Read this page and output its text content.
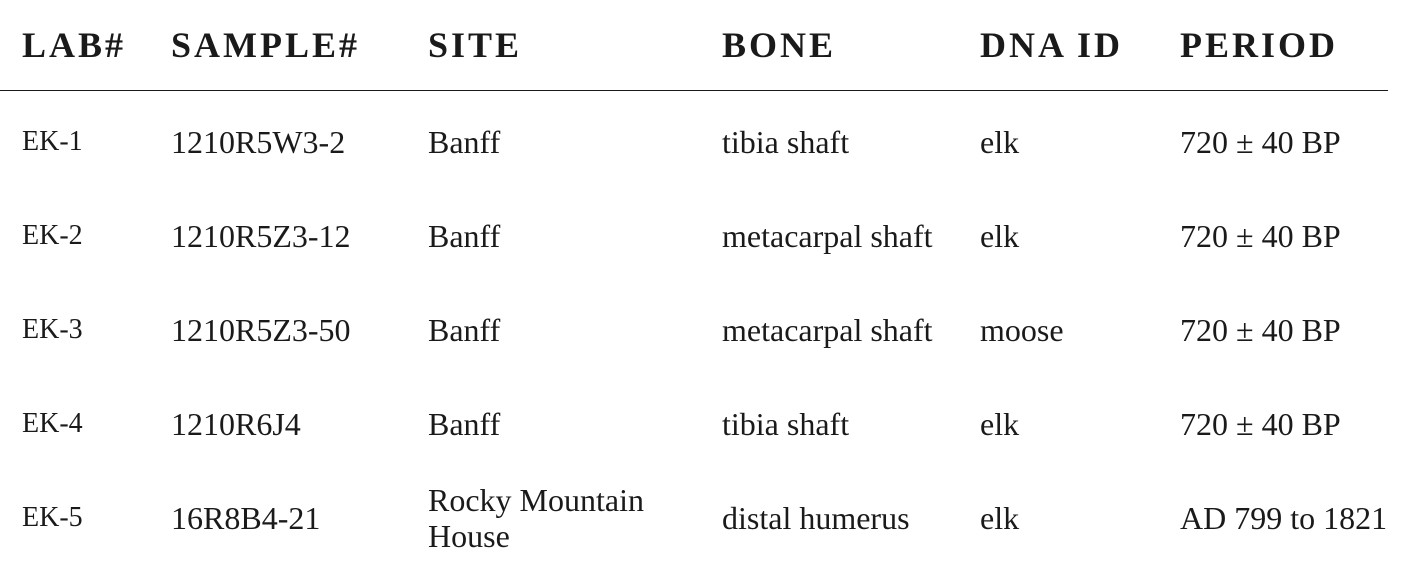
LAB#	SAMPLE#	SITE	BONE	DNA ID	PERIOD
EK-1	1210R5W3-2	Banff	tibia shaft	elk	720 ± 40 BP
EK-2	1210R5Z3-12	Banff	metacarpal shaft	elk	720 ± 40 BP
EK-3	1210R5Z3-50	Banff	metacarpal shaft	moose	720 ± 40 BP
EK-4	1210R6J4	Banff	tibia shaft	elk	720 ± 40 BP
EK-5	16R8B4-21	Rocky Mountain House	distal humerus	elk	AD 799 to 1821
